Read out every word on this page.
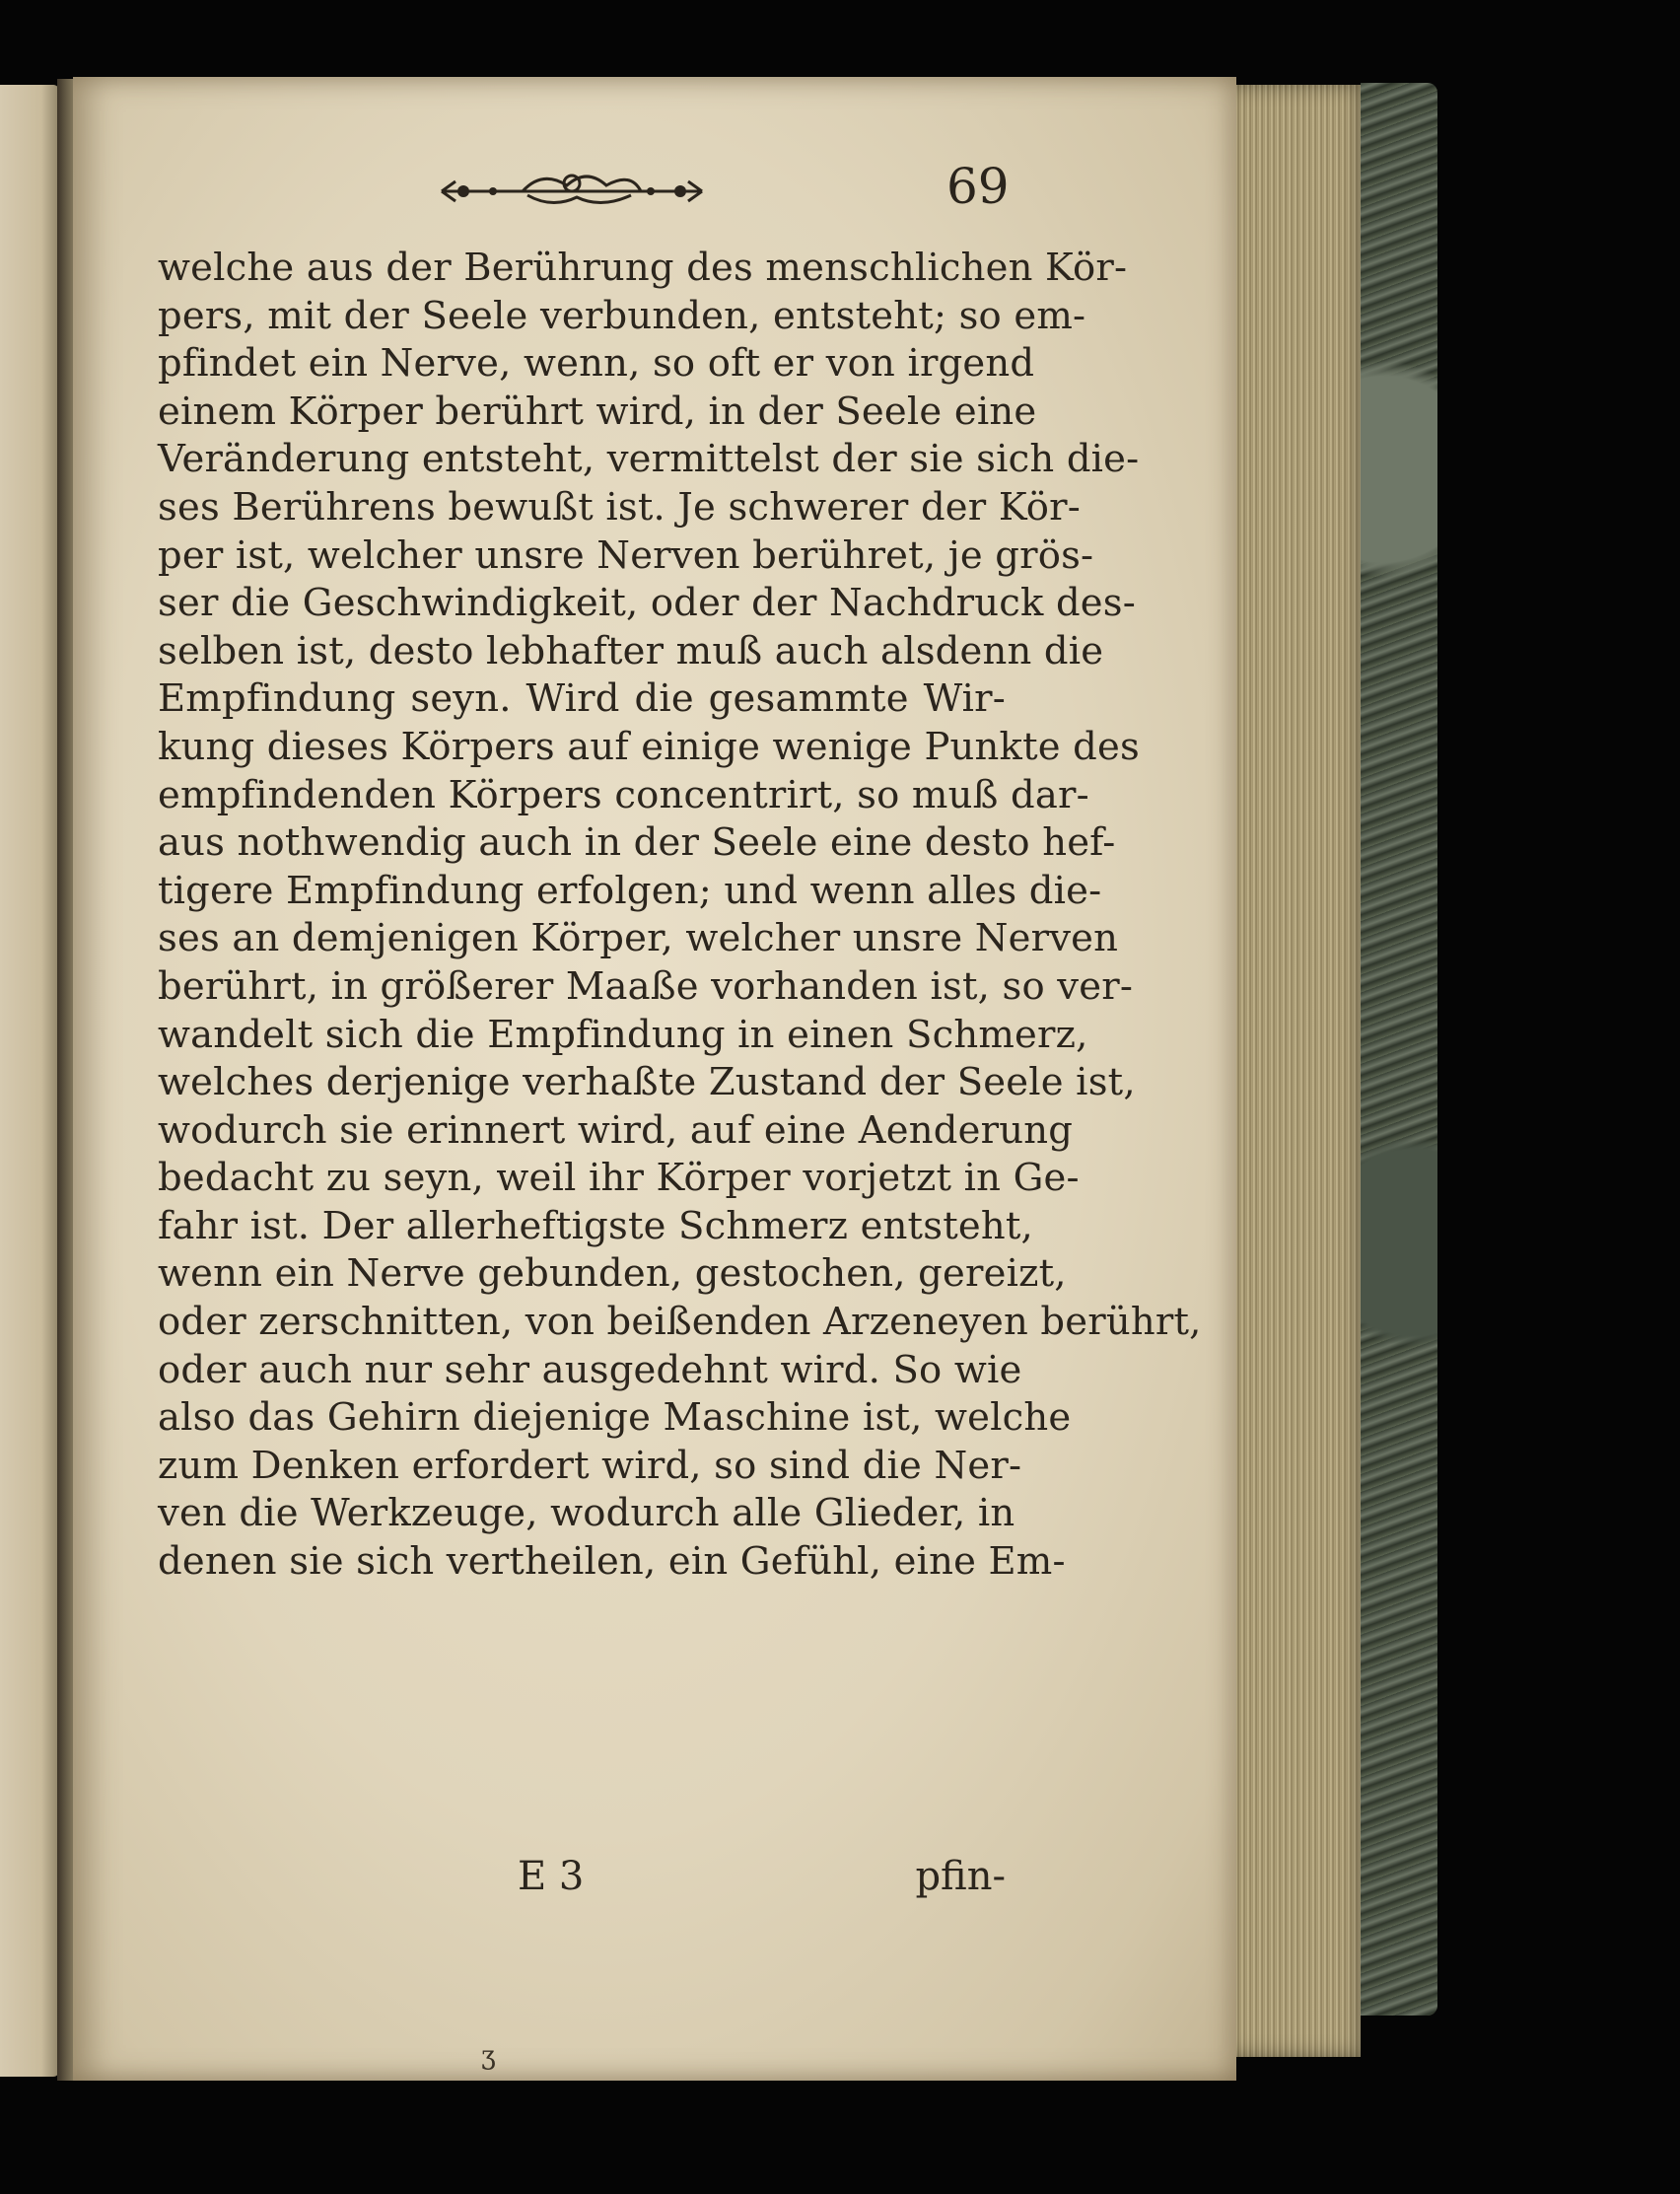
69
welche aus der Berührung des menschlichen Kör-
pers, mit der Seele verbunden, entsteht; so em-
pfindet ein Nerve, wenn, so oft er von irgend
einem Körper berührt wird, in der Seele eine
Veränderung entsteht, vermittelst der sie sich die-
ses Berührens bewußt ist. Je schwerer der Kör-
per ist, welcher unsre Nerven berühret, je grös-
ser die Geschwindigkeit, oder der Nachdruck des-
selben ist, desto lebhafter muß auch alsdenn die
Empfindung seyn. Wird die gesammte Wir-
kung dieses Körpers auf einige wenige Punkte des
empfindenden Körpers concentrirt, so muß dar-
aus nothwendig auch in der Seele eine desto hef-
tigere Empfindung erfolgen; und wenn alles die-
ses an demjenigen Körper, welcher unsre Nerven
berührt, in größerer Maaße vorhanden ist, so ver-
wandelt sich die Empfindung in einen Schmerz,
welches derjenige verhaßte Zustand der Seele ist,
wodurch sie erinnert wird, auf eine Aenderung
bedacht zu seyn, weil ihr Körper vorjetzt in Ge-
fahr ist. Der allerheftigste Schmerz entsteht,
wenn ein Nerve gebunden, gestochen, gereizt,
oder zerschnitten, von beißenden Arzeneyen berührt,
oder auch nur sehr ausgedehnt wird. So wie
also das Gehirn diejenige Maschine ist, welche
zum Denken erfordert wird, so sind die Ner-
ven die Werkzeuge, wodurch alle Glieder, in
denen sie sich vertheilen, ein Gefühl, eine Em-
E 3	pfin-
ʒ
